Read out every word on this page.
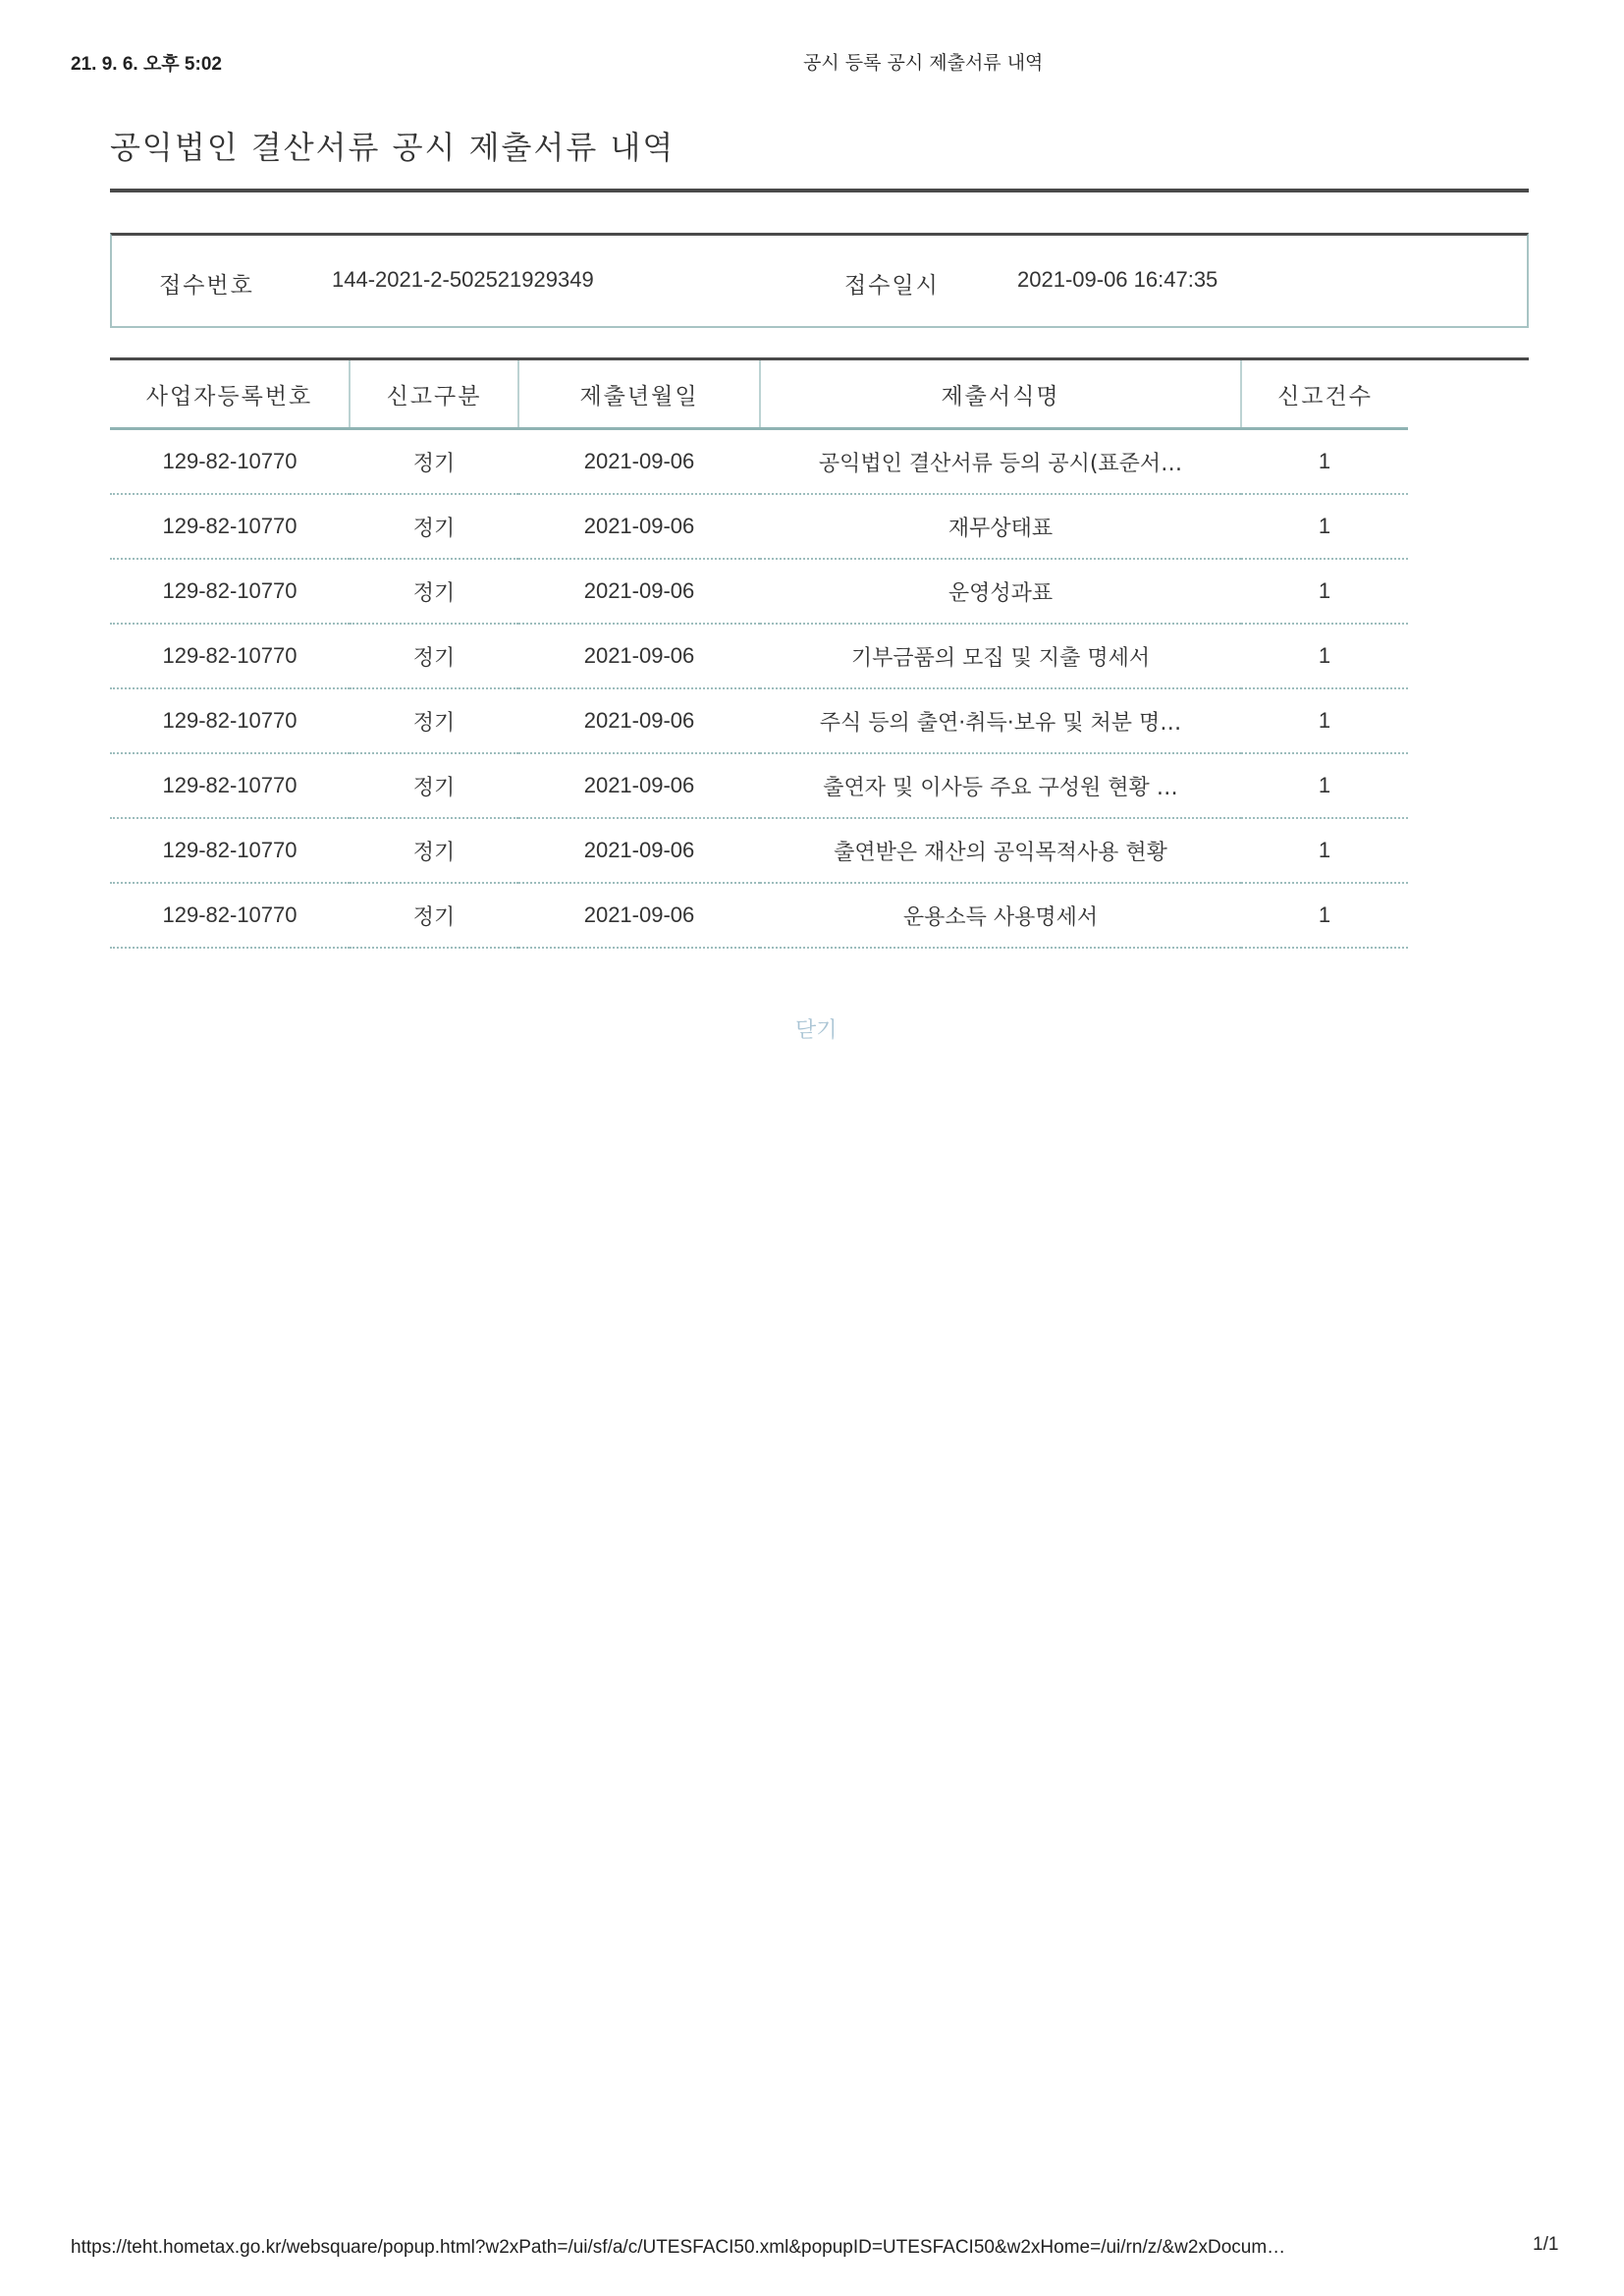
21. 9. 6. 오후 5:02	공시 등록 공시 제출서류 내역
공익법인 결산서류 공시 제출서류 내역
접수번호	144-2021-2-502521929349	접수일시	2021-09-06 16:47:35
사업자등록번호	신고구분	제출년월일	제출서식명	신고건수
129-82-10770	정기	2021-09-06	공익법인 결산서류 등의 공시(표준서…	1
129-82-10770	정기	2021-09-06	재무상태표	1
129-82-10770	정기	2021-09-06	운영성과표	1
129-82-10770	정기	2021-09-06	기부금품의 모집 및 지출 명세서	1
129-82-10770	정기	2021-09-06	주식 등의 출연·취득·보유 및 처분 명…	1
129-82-10770	정기	2021-09-06	출연자 및 이사등 주요 구성원 현황 …	1
129-82-10770	정기	2021-09-06	출연받은 재산의 공익목적사용 현황	1
129-82-10770	정기	2021-09-06	운용소득 사용명세서	1
닫기
https://teht.hometax.go.kr/websquare/popup.html?w2xPath=/ui/sf/a/c/UTESFACI50.xml&popupID=UTESFACI50&w2xHome=/ui/rn/z/&w2xDocum…	1/1
